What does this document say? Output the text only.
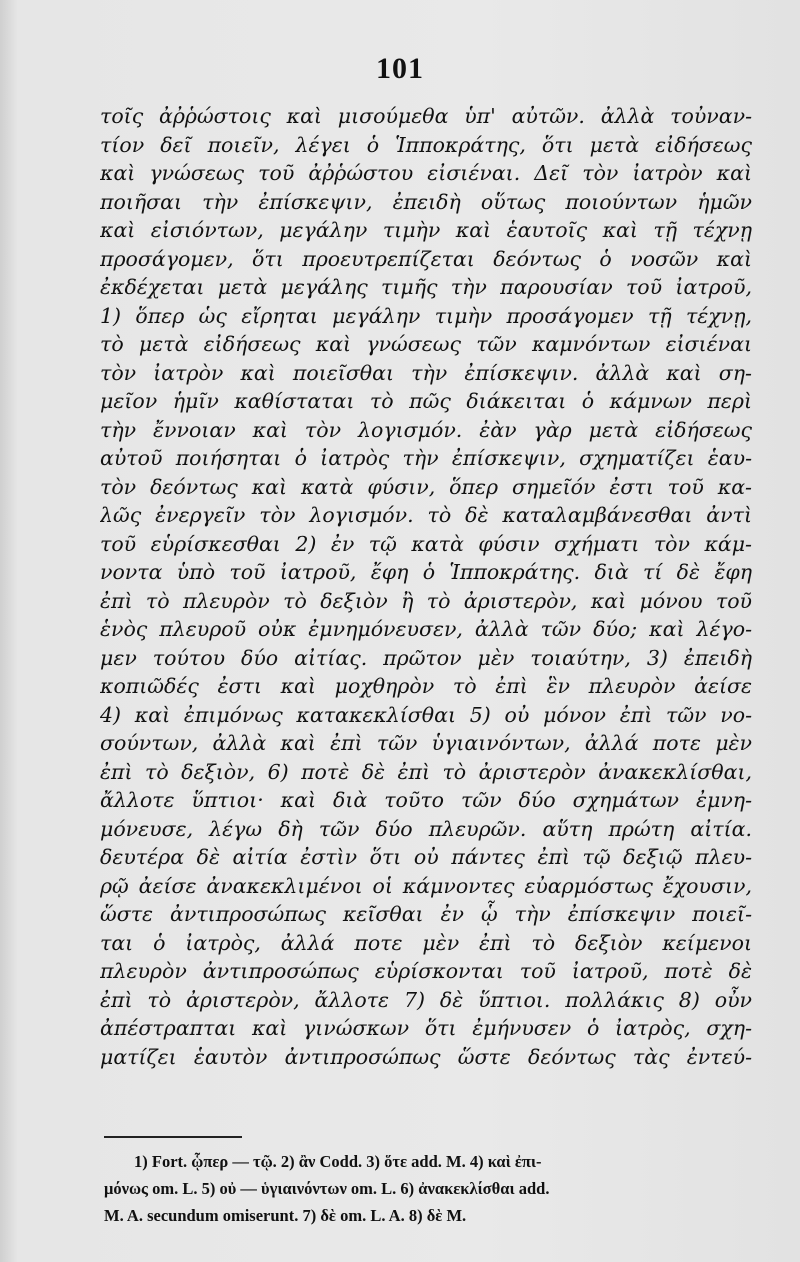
101
τοῖς ἀῤῥώστοις καὶ μισούμεθα ὑπ' αὐτῶν. ἀλλὰ τοὐναν-
τίον δεῖ ποιεῖν, λέγει ὁ Ἱπποκράτης, ὅτι μετὰ εἰδήσεως
καὶ γνώσεως τοῦ ἀῤῥώστου εἰσιέναι. Δεῖ τὸν ἰατρὸν καὶ
ποιῆσαι τὴν ἐπίσκεψιν, ἐπειδὴ οὕτως ποιούντων ἡμῶν
καὶ εἰσιόντων, μεγάλην τιμὴν καὶ ἑαυτοῖς καὶ τῇ τέχνῃ
προσάγομεν, ὅτι προευτρεπίζεται δεόντως ὁ νοσῶν καὶ
ἐκδέχεται μετὰ μεγάλης τιμῆς τὴν παρουσίαν τοῦ ἰατροῦ,
1) ὅπερ ὡς εἴρηται μεγάλην τιμὴν προσάγομεν τῇ τέχνῃ,
τὸ μετὰ εἰδήσεως καὶ γνώσεως τῶν καμνόντων εἰσιέναι
τὸν ἰατρὸν καὶ ποιεῖσθαι τὴν ἐπίσκεψιν. ἀλλὰ καὶ ση-
μεῖον ἡμῖν καθίσταται τὸ πῶς διάκειται ὁ κάμνων περὶ
τὴν ἔννοιαν καὶ τὸν λογισμόν. ἐὰν γὰρ μετὰ εἰδήσεως
αὐτοῦ ποιήσηται ὁ ἰατρὸς τὴν ἐπίσκεψιν, σχηματίζει ἑαυ-
τὸν δεόντως καὶ κατὰ φύσιν, ὅπερ σημεῖόν ἐστι τοῦ κα-
λῶς ἐνεργεῖν τὸν λογισμόν. τὸ δὲ καταλαμβάνεσθαι ἀντὶ
τοῦ εὑρίσκεσθαι 2) ἐν τῷ κατὰ φύσιν σχήματι τὸν κάμ-
νοντα ὑπὸ τοῦ ἰατροῦ, ἔφη ὁ Ἱπποκράτης. διὰ τί δὲ ἔφη
ἐπὶ τὸ πλευρὸν τὸ δεξιὸν ἢ τὸ ἀριστερὸν, καὶ μόνου τοῦ
ἑνὸς πλευροῦ οὐκ ἐμνημόνευσεν, ἀλλὰ τῶν δύο; καὶ λέγο-
μεν τούτου δύο αἰτίας. πρῶτον μὲν τοιαύτην, 3) ἐπειδὴ
κοπιῶδές ἐστι καὶ μοχθηρὸν τὸ ἐπὶ ἓν πλευρὸν ἀείσε
4) καὶ ἐπιμόνως κατακεκλίσθαι 5) οὐ μόνον ἐπὶ τῶν νο-
σούντων, ἀλλὰ καὶ ἐπὶ τῶν ὑγιαινόντων, ἀλλά ποτε μὲν
ἐπὶ τὸ δεξιὸν, 6) ποτὲ δὲ ἐπὶ τὸ ἀριστερὸν ἀνακεκλίσθαι,
ἄλλοτε ὕπτιοι· καὶ διὰ τοῦτο τῶν δύο σχημάτων ἐμνη-
μόνευσε, λέγω δὴ τῶν δύο πλευρῶν. αὕτη πρώτη αἰτία.
δευτέρα δὲ αἰτία ἐστὶν ὅτι οὐ πάντες ἐπὶ τῷ δεξιῷ πλευ-
ρῷ ἀείσε ἀνακεκλιμένοι οἱ κάμνοντες εὐαρμόστως ἔχουσιν,
ὥστε ἀντιπροσώπως κεῖσθαι ἐν ᾧ τὴν ἐπίσκεψιν ποιεῖ-
ται ὁ ἰατρὸς, ἀλλά ποτε μὲν ἐπὶ τὸ δεξιὸν κείμενοι
πλευρὸν ἀντιπροσώπως εὑρίσκονται τοῦ ἰατροῦ, ποτὲ δὲ
ἐπὶ τὸ ἀριστερὸν, ἄλλοτε 7) δὲ ὕπτιοι. πολλάκις 8) οὖν
ἀπέστραπται καὶ γινώσκων ὅτι ἐμήνυσεν ὁ ἰατρὸς, σχη-
ματίζει ἑαυτὸν ἀντιπροσώπως ὥστε δεόντως τὰς ἐντεύ-
1) Fort. ᾧπερ — τῷ. 2) ἂν Codd. 3) ὅτε add. M. 4) καὶ ἐπι-
μόνως om. L. 5) οὐ — ὑγιαινόντων om. L. 6) ἀνακεκλίσθαι add.
M. A. secundum omiserunt. 7) δὲ om. L. A. 8) δὲ M.
